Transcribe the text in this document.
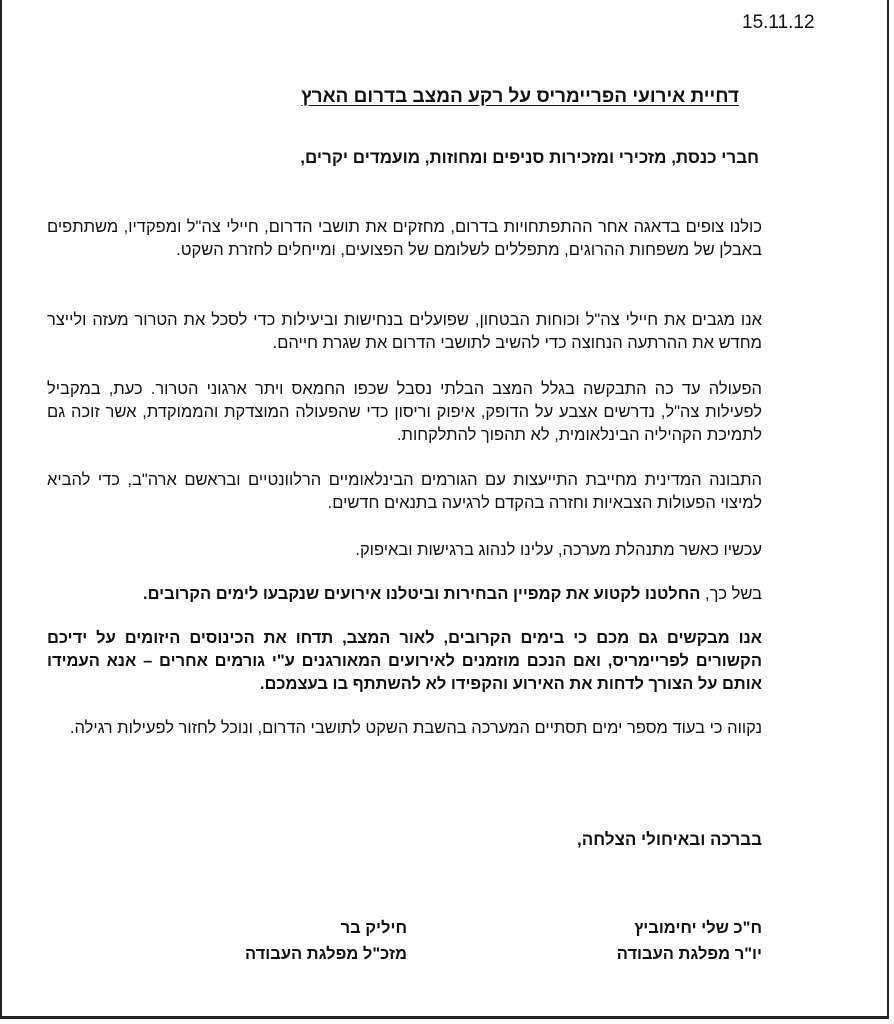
15.11.12
דחיית אירועי הפריימריס על רקע המצב בדרום הארץ
חברי כנסת, מזכירי ומזכירות סניפים ומחוזות, מועמדים יקרים,

כולנו צופים בדאגה אחר ההתפתחויות בדרום, מחזקים את תושבי הדרום, חיילי צה"ל ומפקדיו, משתתפים באבלן של משפחות ההרוגים, מתפללים לשלומם של הפצועים, ומייחלים לחזרת השקט.

אנו מגבים את חיילי צה"ל וכוחות הבטחון, שפועלים בנחישות וביעילות כדי לסכל את הטרור מעזה ולייצר מחדש את ההרתעה הנחוצה כדי להשיב לתושבי הדרום את שגרת חייהם.

הפעולה עד כה התבקשה בגלל המצב הבלתי נסבל שכפו החמאס ויתר ארגוני הטרור. כעת, במקביל לפעילות צה"ל, נדרשים אצבע על הדופק, איפוק וריסון כדי שהפעולה המוצדקת והממוקדת, אשר זוכה גם לתמיכת הקהיליה הבינלאומית, לא תהפוך להתלקחות.

התבונה המדינית מחייבת התייעצות עם הגורמים הבינלאומיים הרלוונטיים ובראשם ארה"ב, כדי להביא למיצוי הפעולות הצבאיות וחזרה בהקדם לרגיעה בתנאים חדשים.

עכשיו כאשר מתנהלת מערכה, עלינו לנהוג ברגישות ובאיפוק.

בשל כך, החלטנו לקטוע את קמפיין הבחירות וביטלנו אירועים שנקבעו לימים הקרובים.

אנו מבקשים גם מכם כי בימים הקרובים, לאור המצב, תדחו את הכינוסים היזומים על ידיכם הקשורים לפריימריס, ואם הנכם מוזמנים לאירועים המאורגנים ע"י גורמים אחרים – אנא העמידו אותם על הצורך לדחות את האירוע והקפידו לא להשתתף בו בעצמכם.

נקווה כי בעוד מספר ימים תסתיים המערכה בהשבת השקט לתושבי הדרום, ונוכל לחזור לפעילות רגילה.

בברכה ובאיחולי הצלחה,
ח"כ שלי יחימוביץ
יו"ר מפלגת העבודה
חיליק בר
מזכ"ל מפלגת העבודה
